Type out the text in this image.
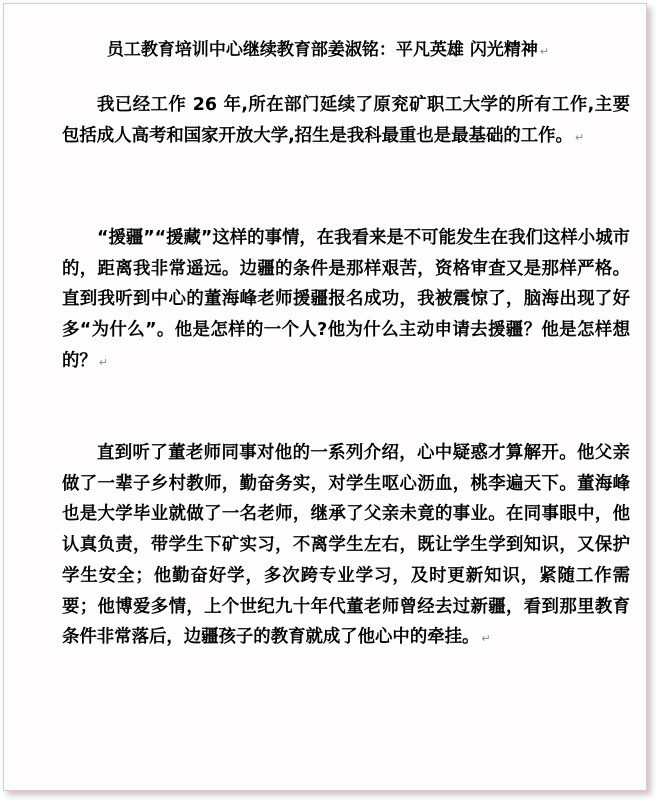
员工教育培训中心继续教育部姜淑铭：平凡英雄 闪光精神 ↵

我已经工作 26 年,所在部门延续了原兖矿职工大学的所有工作,主要包括成人高考和国家开放大学,招生是我科最重也是最基础的工作。 ↵

“援疆”“援藏”这样的事情，在我看来是不可能发生在我们这样小城市的，距离我非常遥远。边疆的条件是那样艰苦，资格审查又是那样严格。直到我听到中心的董海峰老师援疆报名成功，我被震惊了，脑海出现了好多“为什么”。他是怎样的一个人?他为什么主动申请去援疆？他是怎样想的？ ↵

直到听了董老师同事对他的一系列介绍，心中疑惑才算解开。他父亲做了一辈子乡村教师，勤奋务实，对学生呕心沥血，桃李遍天下。董海峰也是大学毕业就做了一名老师，继承了父亲未竟的事业。在同事眼中，他认真负责，带学生下矿实习，不离学生左右，既让学生学到知识，又保护学生安全；他勤奋好学，多次跨专业学习，及时更新知识，紧随工作需要；他博爱多情，上个世纪九十年代董老师曾经去过新疆，看到那里教育条件非常落后，边疆孩子的教育就成了他心中的牵挂。 ↵
